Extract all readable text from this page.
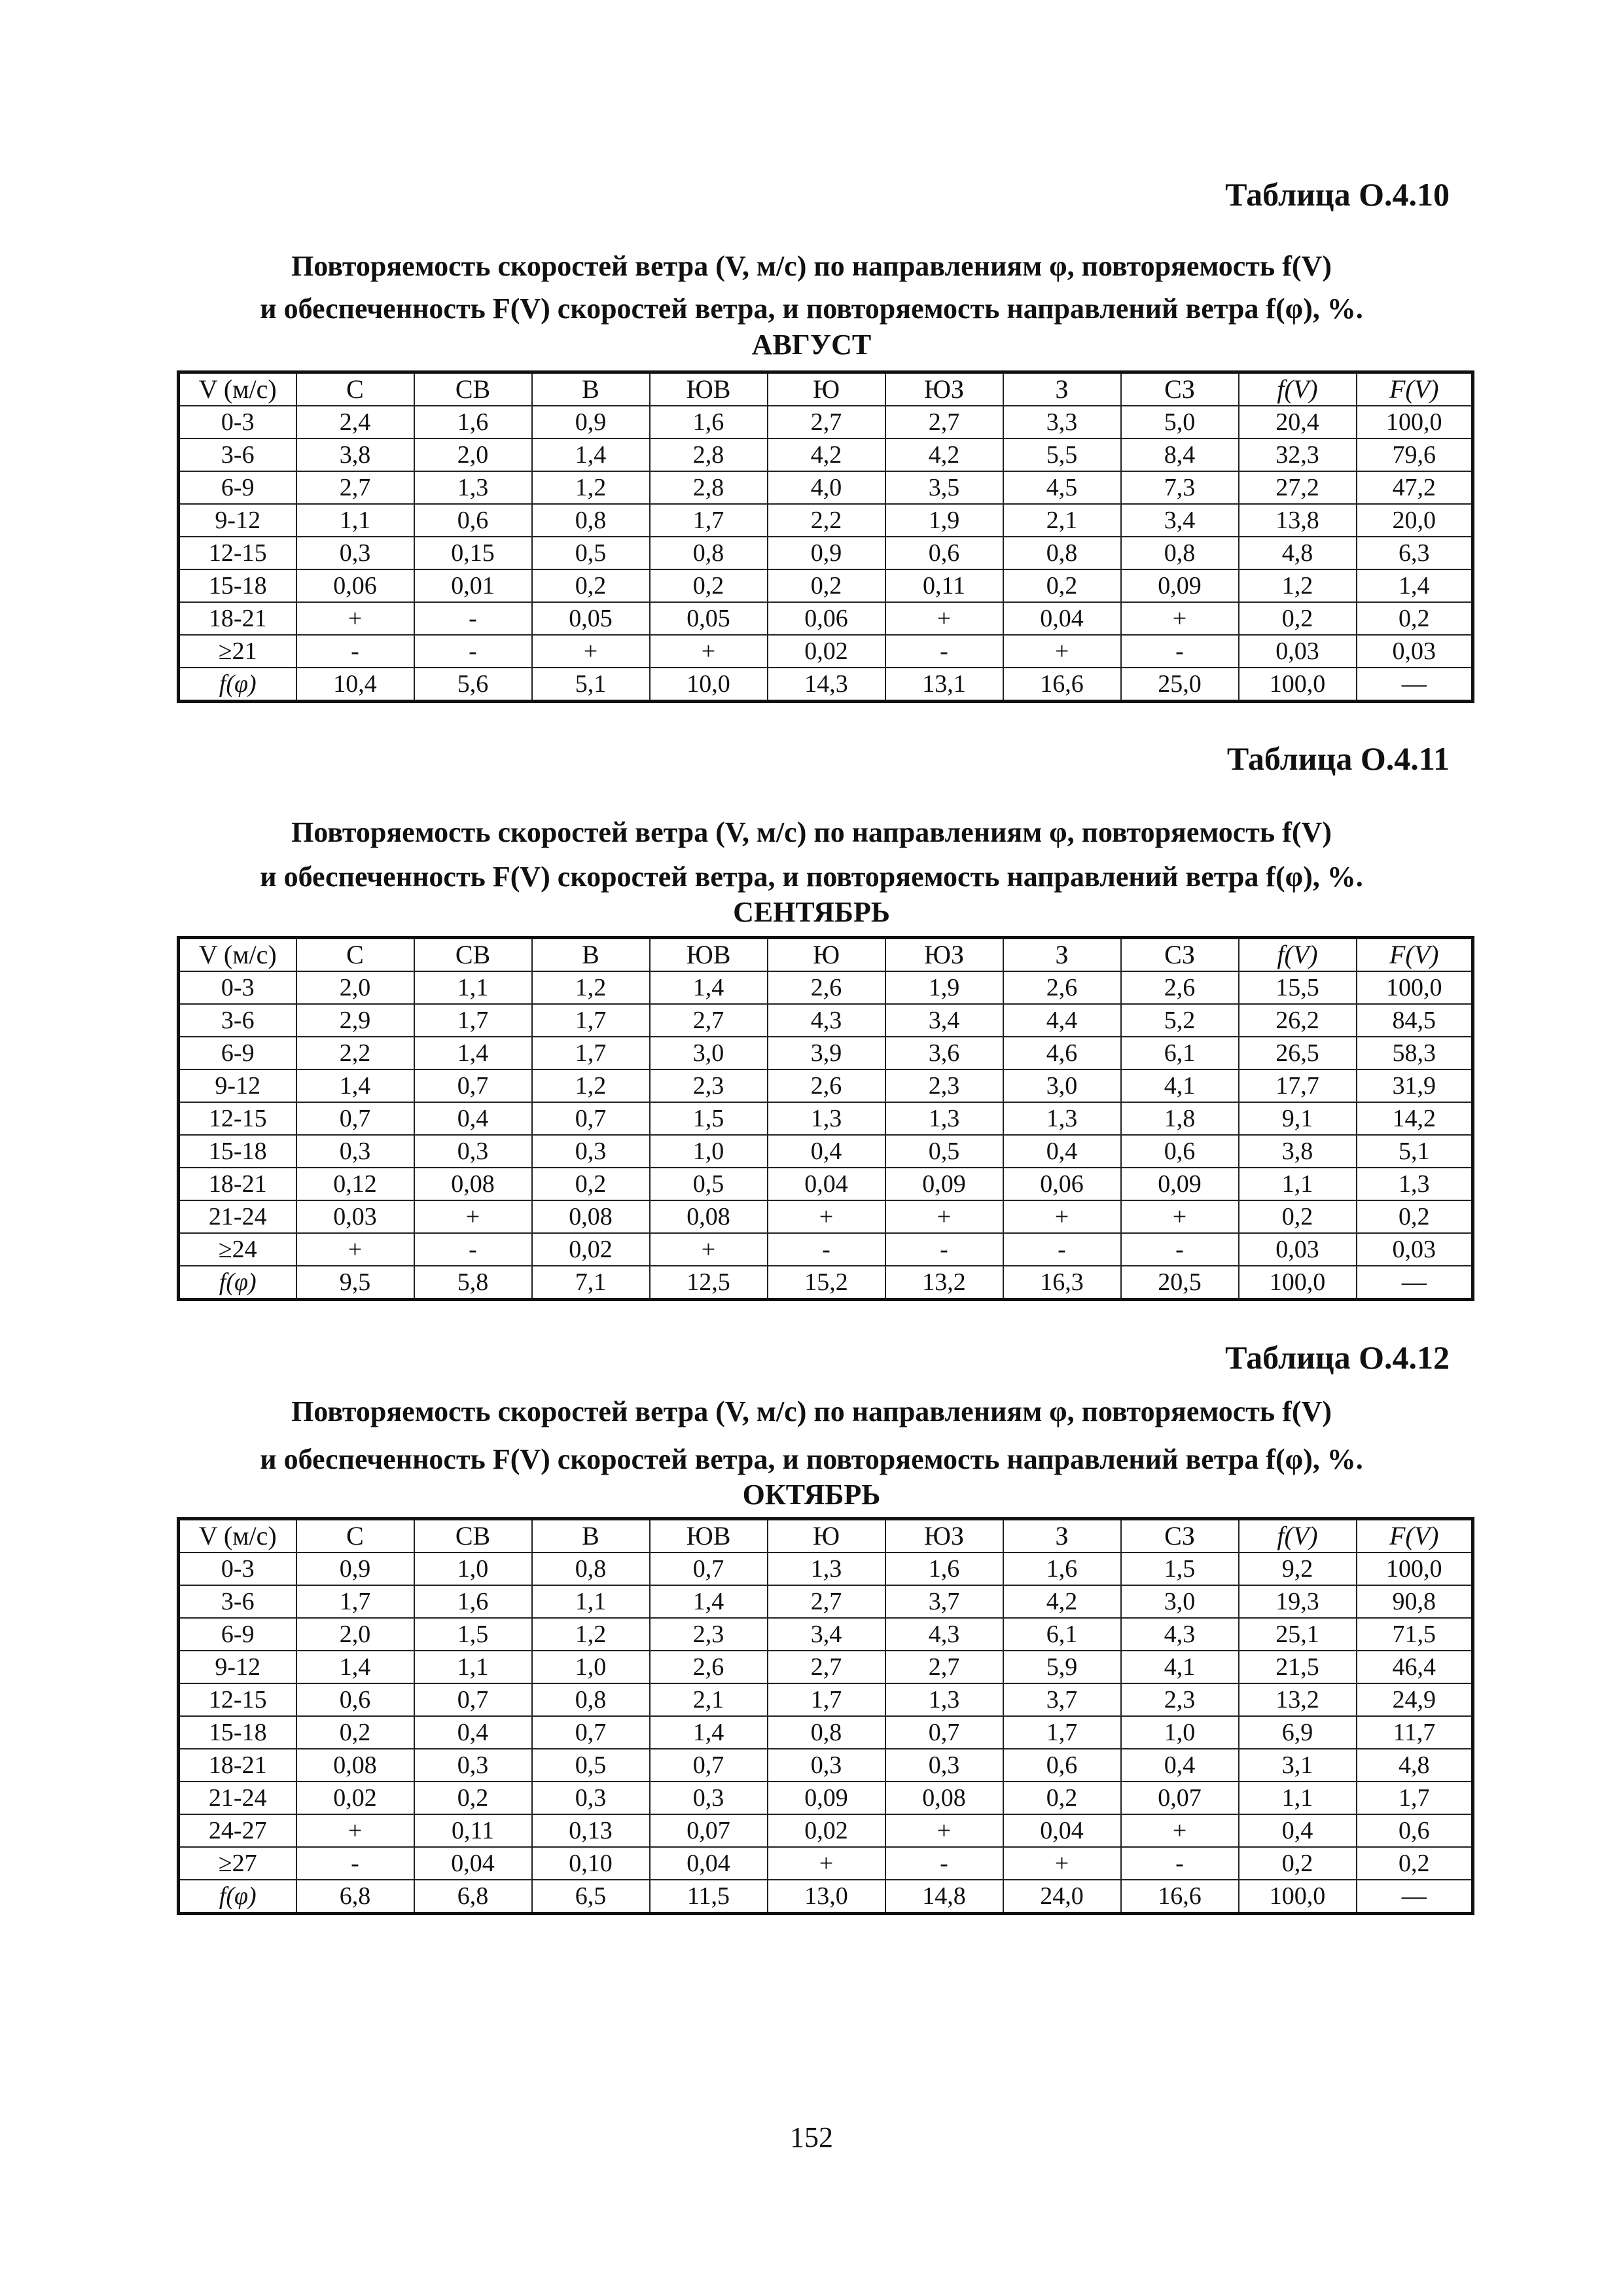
Таблица О.4.10
Повторяемость скоростей ветра (V, м/с) по направлениям φ, повторяемость f(V)
и обеспеченность F(V) скоростей ветра, и повторяемость направлений ветра f(φ), %.
АВГУСТ
V (м/с)	С	СВ	В	ЮВ	Ю	ЮЗ	З	СЗ	f(V)	F(V)
0-3	2,4	1,6	0,9	1,6	2,7	2,7	3,3	5,0	20,4	100,0
3-6	3,8	2,0	1,4	2,8	4,2	4,2	5,5	8,4	32,3	79,6
6-9	2,7	1,3	1,2	2,8	4,0	3,5	4,5	7,3	27,2	47,2
9-12	1,1	0,6	0,8	1,7	2,2	1,9	2,1	3,4	13,8	20,0
12-15	0,3	0,15	0,5	0,8	0,9	0,6	0,8	0,8	4,8	6,3
15-18	0,06	0,01	0,2	0,2	0,2	0,11	0,2	0,09	1,2	1,4
18-21	+	-	0,05	0,05	0,06	+	0,04	+	0,2	0,2
≥21	-	-	+	+	0,02	-	+	-	0,03	0,03
f(φ)	10,4	5,6	5,1	10,0	14,3	13,1	16,6	25,0	100,0	—
Таблица О.4.11
Повторяемость скоростей ветра (V, м/с) по направлениям φ, повторяемость f(V)
и обеспеченность F(V) скоростей ветра, и повторяемость направлений ветра f(φ), %.
СЕНТЯБРЬ
V (м/с)	С	СВ	В	ЮВ	Ю	ЮЗ	З	СЗ	f(V)	F(V)
0-3	2,0	1,1	1,2	1,4	2,6	1,9	2,6	2,6	15,5	100,0
3-6	2,9	1,7	1,7	2,7	4,3	3,4	4,4	5,2	26,2	84,5
6-9	2,2	1,4	1,7	3,0	3,9	3,6	4,6	6,1	26,5	58,3
9-12	1,4	0,7	1,2	2,3	2,6	2,3	3,0	4,1	17,7	31,9
12-15	0,7	0,4	0,7	1,5	1,3	1,3	1,3	1,8	9,1	14,2
15-18	0,3	0,3	0,3	1,0	0,4	0,5	0,4	0,6	3,8	5,1
18-21	0,12	0,08	0,2	0,5	0,04	0,09	0,06	0,09	1,1	1,3
21-24	0,03	+	0,08	0,08	+	+	+	+	0,2	0,2
≥24	+	-	0,02	+	-	-	-	-	0,03	0,03
f(φ)	9,5	5,8	7,1	12,5	15,2	13,2	16,3	20,5	100,0	—
Таблица О.4.12
Повторяемость скоростей ветра (V, м/с) по направлениям φ, повторяемость f(V)
и обеспеченность F(V) скоростей ветра, и повторяемость направлений ветра f(φ), %.
ОКТЯБРЬ
V (м/с)	С	СВ	В	ЮВ	Ю	ЮЗ	З	СЗ	f(V)	F(V)
0-3	0,9	1,0	0,8	0,7	1,3	1,6	1,6	1,5	9,2	100,0
3-6	1,7	1,6	1,1	1,4	2,7	3,7	4,2	3,0	19,3	90,8
6-9	2,0	1,5	1,2	2,3	3,4	4,3	6,1	4,3	25,1	71,5
9-12	1,4	1,1	1,0	2,6	2,7	2,7	5,9	4,1	21,5	46,4
12-15	0,6	0,7	0,8	2,1	1,7	1,3	3,7	2,3	13,2	24,9
15-18	0,2	0,4	0,7	1,4	0,8	0,7	1,7	1,0	6,9	11,7
18-21	0,08	0,3	0,5	0,7	0,3	0,3	0,6	0,4	3,1	4,8
21-24	0,02	0,2	0,3	0,3	0,09	0,08	0,2	0,07	1,1	1,7
24-27	+	0,11	0,13	0,07	0,02	+	0,04	+	0,4	0,6
≥27	-	0,04	0,10	0,04	+	-	+	-	0,2	0,2
f(φ)	6,8	6,8	6,5	11,5	13,0	14,8	24,0	16,6	100,0	—
152
